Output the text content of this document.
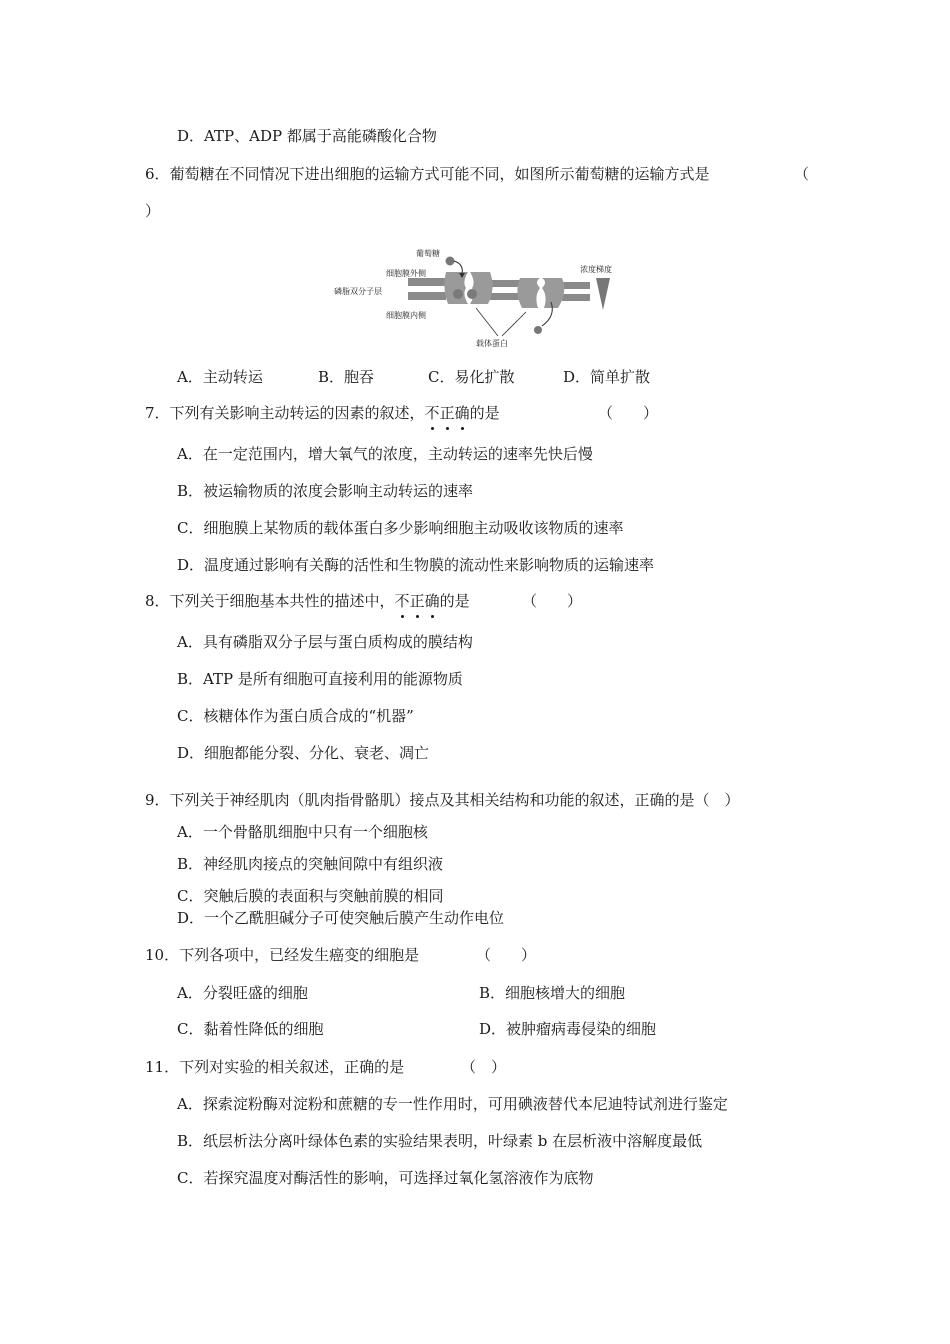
D．ATP、ADP 都属于高能磷酸化合物
6．葡萄糖在不同情况下进出细胞的运输方式可能不同，如图所示葡萄糖的运输方式是	（
）
葡萄糖
细胞膜外侧
磷脂双分子层
细胞膜内侧
载体蛋白
浓度梯度
A．主动转运	B．胞吞	C．易化扩散	D．简单扩散
7．下列有关影响主动转运的因素的叙述，不正确的是	（　　）
A．在一定范围内，增大氧气的浓度，主动转运的速率先快后慢
B．被运输物质的浓度会影响主动转运的速率
C．细胞膜上某物质的载体蛋白多少影响细胞主动吸收该物质的速率
D．温度通过影响有关酶的活性和生物膜的流动性来影响物质的运输速率
8．下列关于细胞基本共性的描述中，不正确的是	（　　）
A．具有磷脂双分子层与蛋白质构成的膜结构
B．ATP 是所有细胞可直接利用的能源物质
C．核糖体作为蛋白质合成的“机器”
D．细胞都能分裂、分化、衰老、凋亡
9．下列关于神经肌肉（肌肉指骨骼肌）接点及其相关结构和功能的叙述，正确的是（　）
A．一个骨骼肌细胞中只有一个细胞核
B．神经肌肉接点的突触间隙中有组织液
C．突触后膜的表面积与突触前膜的相同
D．一个乙酰胆碱分子可使突触后膜产生动作电位
10．下列各项中，已经发生癌变的细胞是	（　　）
A．分裂旺盛的细胞	B．细胞核增大的细胞
C．黏着性降低的细胞	D．被肿瘤病毒侵染的细胞
11．下列对实验的相关叙述，正确的是	（　）
A．探索淀粉酶对淀粉和蔗糖的专一性作用时，可用碘液替代本尼迪特试剂进行鉴定
B．纸层析法分离叶绿体色素的实验结果表明，叶绿素 b 在层析液中溶解度最低
C．若探究温度对酶活性的影响，可选择过氧化氢溶液作为底物
